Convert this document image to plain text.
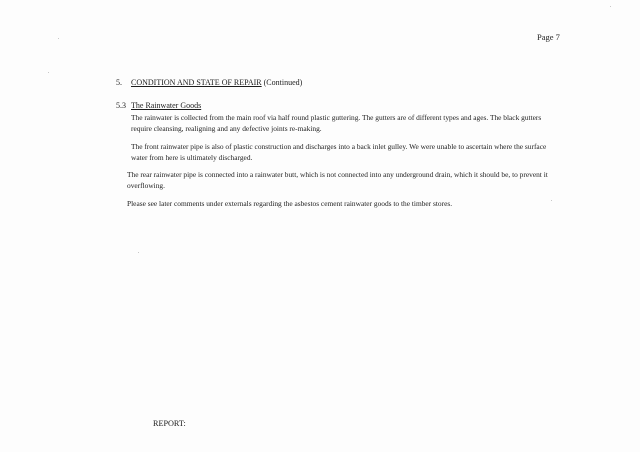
Page 7
5. CONDITION AND STATE OF REPAIR (Continued)
5.3 The Rainwater Goods

The rainwater is collected from the main roof via half round plastic guttering. The gutters are of different types and ages. The black gutters require cleansing, realigning and any defective joints re-making.

The front rainwater pipe is also of plastic construction and discharges into a back inlet gulley. We were unable to ascertain where the surface water from here is ultimately discharged.

The rear rainwater pipe is connected into a rainwater butt, which is not connected into any underground drain, which it should be, to prevent it overflowing.

Please see later comments under externals regarding the asbestos cement rainwater goods to the timber stores.

REPORT:
